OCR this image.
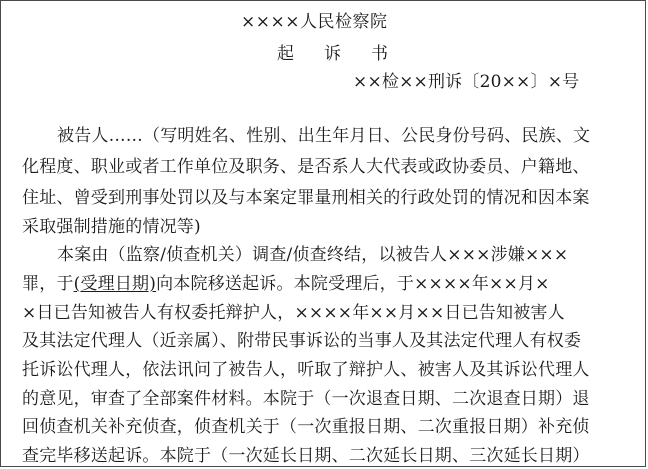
××××人民检察院
起 诉 书
××检××刑诉〔20××〕×号
被告人……（写明姓名、性别、出生年月日、公民身份号码、民族、文
化程度、职业或者工作单位及职务、是否系人大代表或政协委员、户籍地、
住址、曾受到刑事处罚以及与本案定罪量刑相关的行政处罚的情况和因本案
采取强制措施的情况等)
本案由（监察/侦查机关）调查/侦查终结，以被告人×××涉嫌×××
罪，于(受理日期)向本院移送起诉。本院受理后，于××××年××月×
×日已告知被告人有权委托辩护人，××××年××月××日已告知被害人
及其法定代理人（近亲属）、附带民事诉讼的当事人及其法定代理人有权委
托诉讼代理人，依法讯问了被告人，听取了辩护人、被害人及其诉讼代理人
的意见，审查了全部案件材料。本院于（一次退查日期、二次退查日期）退
回侦查机关补充侦查，侦查机关于（一次重报日期、二次重报日期）补充侦
查完毕移送起诉。本院于（一次延长日期、二次延长日期、三次延长日期）
